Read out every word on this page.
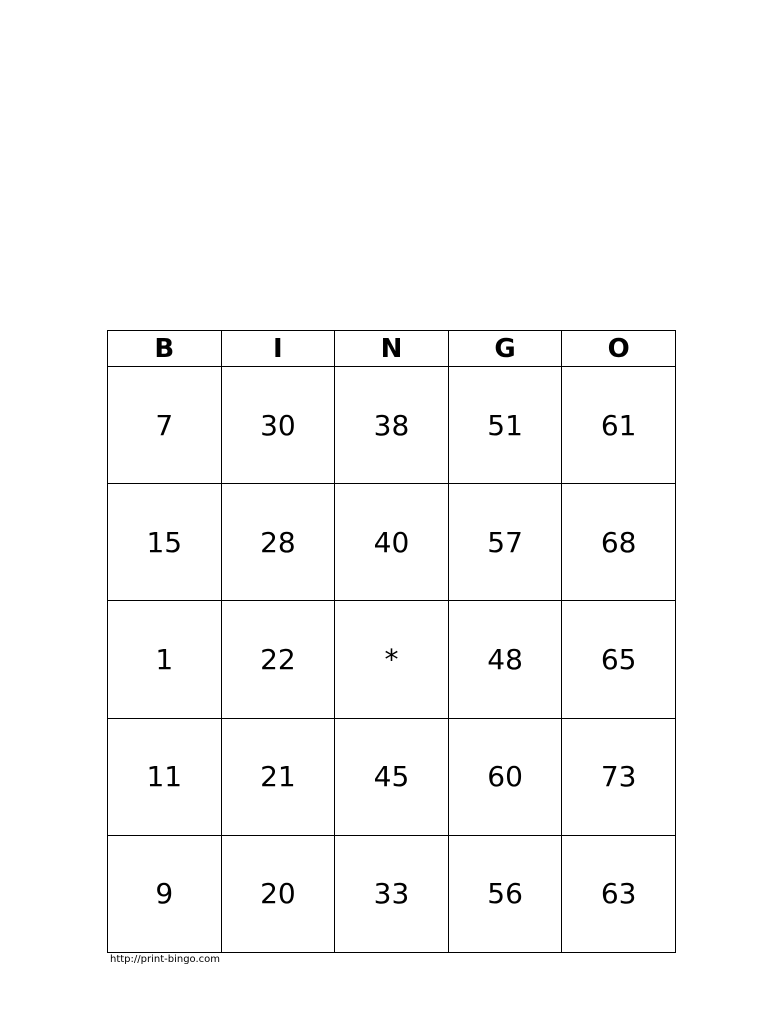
B	I	N	G	O
7	30	38	51	61
15	28	40	57	68
1	22	*	48	65
11	21	45	60	73
9	20	33	56	63
http://print-bingo.com
